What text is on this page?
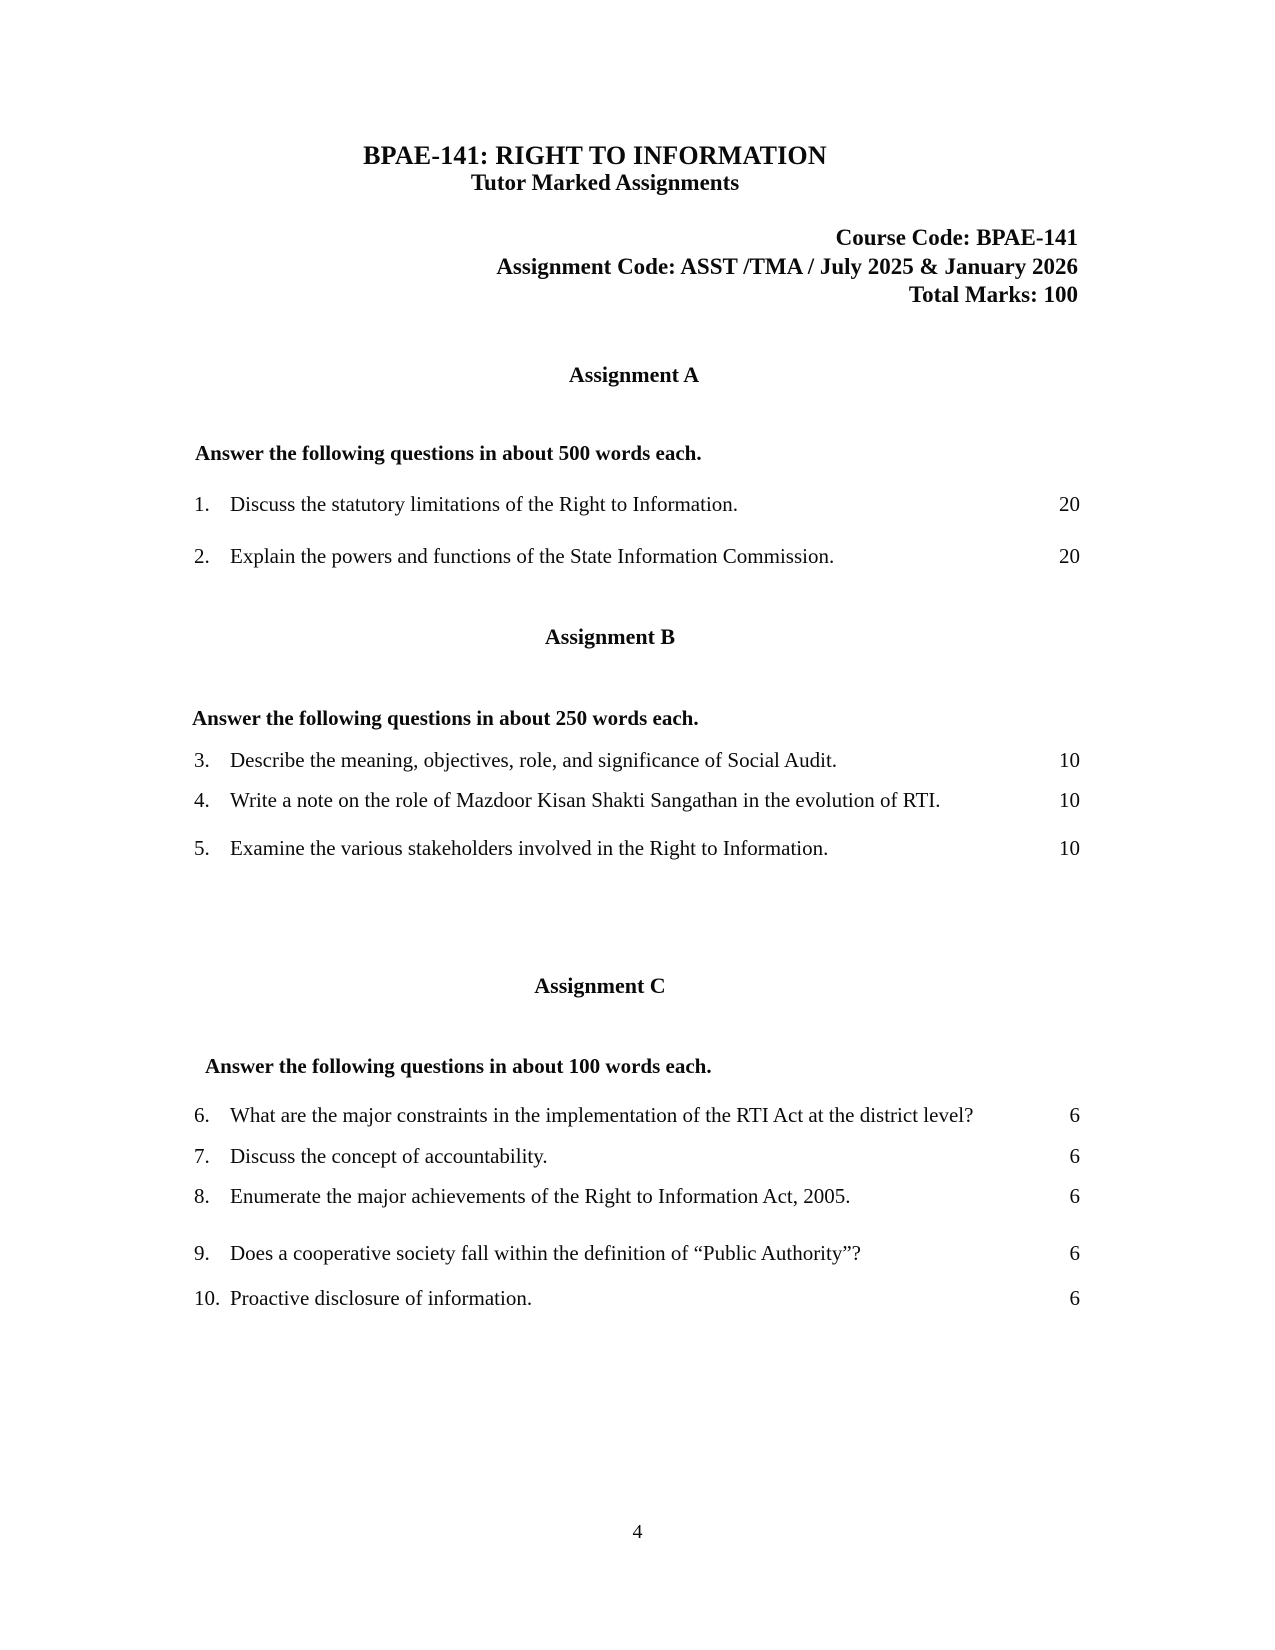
BPAE-141: RIGHT TO INFORMATION
Tutor Marked Assignments
Course Code: BPAE-141
Assignment Code: ASST /TMA / July 2025 & January 2026
Total Marks: 100
Assignment A
Answer the following questions in about 500 words each.
1. Discuss the statutory limitations of the Right to Information.	20
2. Explain the powers and functions of the State Information Commission.	20
Assignment B
Answer the following questions in about 250 words each.
3. Describe the meaning, objectives, role, and significance of Social Audit.	10
4. Write a note on the role of Mazdoor Kisan Shakti Sangathan in the evolution of RTI.	10
5. Examine the various stakeholders involved in the Right to Information.	10
Assignment C
Answer the following questions in about 100 words each.
6. What are the major constraints in the implementation of the RTI Act at the district level?	6
7. Discuss the concept of accountability.	6
8. Enumerate the major achievements of the Right to Information Act, 2005.	6
9. Does a cooperative society fall within the definition of “Public Authority”?	6
10. Proactive disclosure of information.	6
4
